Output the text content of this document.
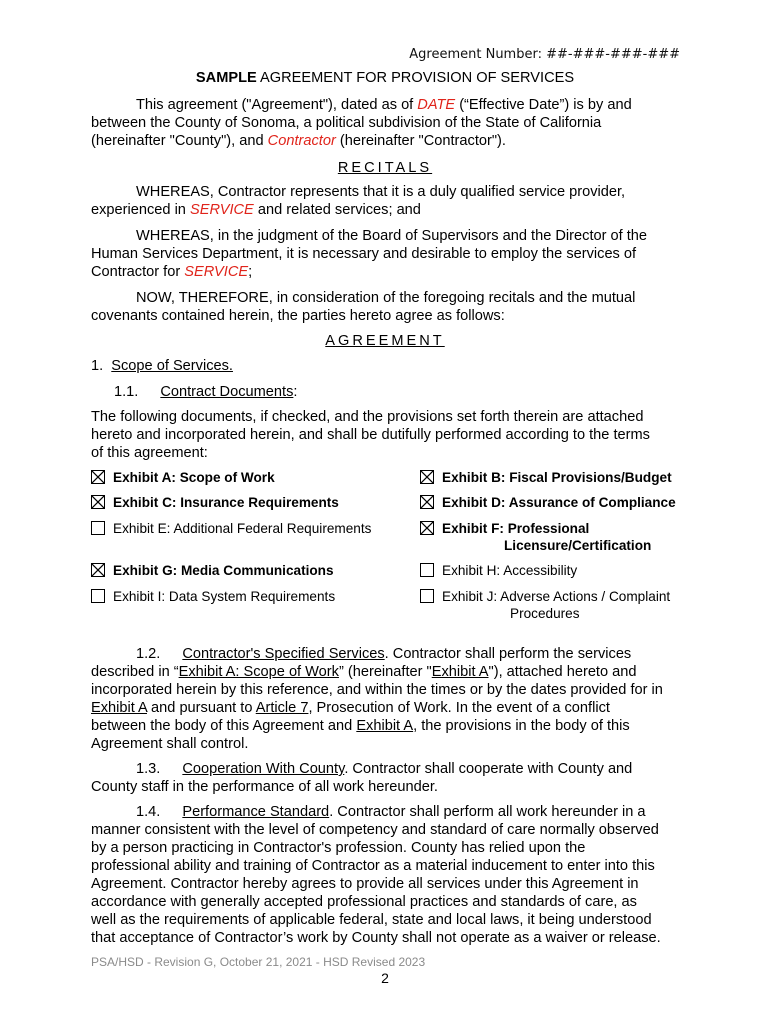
Agreement Number: ##-###-###-###
SAMPLE AGREEMENT FOR PROVISION OF SERVICES
This agreement ("Agreement"), dated as of DATE (“Effective Date”) is by and
between the County of Sonoma, a political subdivision of the State of California
(hereinafter "County"), and Contractor (hereinafter "Contractor").
RECITALS
WHEREAS, Contractor represents that it is a duly qualified service provider,
experienced in SERVICE and related services; and
WHEREAS, in the judgment of the Board of Supervisors and the Director of the
Human Services Department, it is necessary and desirable to employ the services of
Contractor for SERVICE;
NOW, THEREFORE, in consideration of the foregoing recitals and the mutual
covenants contained herein, the parties hereto agree as follows:
AGREEMENT
1. Scope of Services.
1.1. Contract Documents:
The following documents, if checked, and the provisions set forth therein are attached
hereto and incorporated herein, and shall be dutifully performed according to the terms
of this agreement:
Exhibit A: Scope of Work	Exhibit B: Fiscal Provisions/Budget
Exhibit C: Insurance Requirements	Exhibit D: Assurance of Compliance
Exhibit E: Additional Federal Requirements	Exhibit F: Professional
Licensure/Certification
Exhibit G: Media Communications	Exhibit H: Accessibility
Exhibit I: Data System Requirements	Exhibit J: Adverse Actions / Complaint
Procedures
1.2. Contractor's Specified Services. Contractor shall perform the services
described in “Exhibit A: Scope of Work” (hereinafter "Exhibit A"), attached hereto and
incorporated herein by this reference, and within the times or by the dates provided for in
Exhibit A and pursuant to Article 7, Prosecution of Work. In the event of a conflict
between the body of this Agreement and Exhibit A, the provisions in the body of this
Agreement shall control.
1.3. Cooperation With County. Contractor shall cooperate with County and
County staff in the performance of all work hereunder.
1.4. Performance Standard. Contractor shall perform all work hereunder in a
manner consistent with the level of competency and standard of care normally observed
by a person practicing in Contractor's profession. County has relied upon the
professional ability and training of Contractor as a material inducement to enter into this
Agreement. Contractor hereby agrees to provide all services under this Agreement in
accordance with generally accepted professional practices and standards of care, as
well as the requirements of applicable federal, state and local laws, it being understood
that acceptance of Contractor’s work by County shall not operate as a waiver or release.
PSA/HSD - Revision G, October 21, 2021 - HSD Revised 2023
2
